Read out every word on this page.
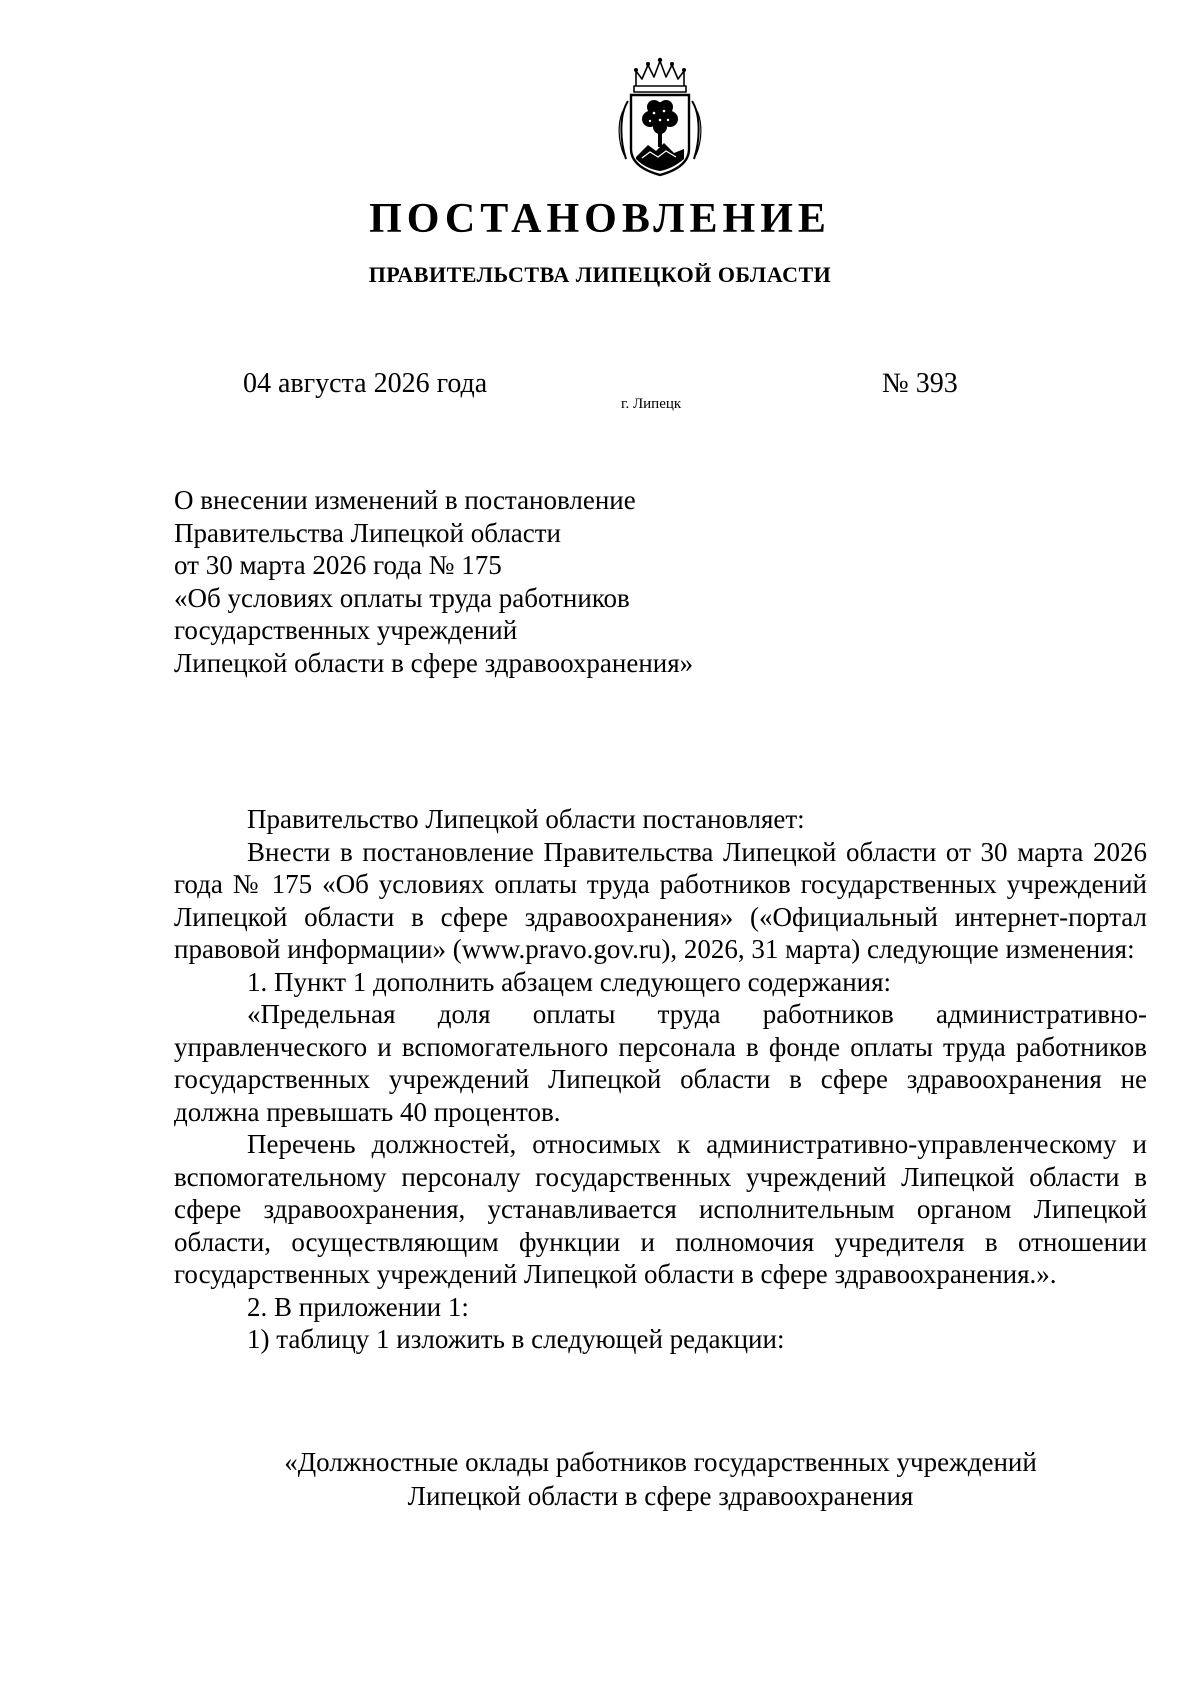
ПОСТАНОВЛЕНИЕ
ПРАВИТЕЛЬСТВА ЛИПЕЦКОЙ ОБЛАСТИ
04 августа 2026 года
г. Липецк
№ 393
О внесении изменений в постановление
Правительства Липецкой области
от 30 марта 2026 года № 175
«Об условиях оплаты труда работников
государственных учреждений
Липецкой области в сфере здравоохранения»

Правительство Липецкой области постановляет:

Внести в постановление Правительства Липецкой области от 30 марта 2026 года № 175 «Об условиях оплаты труда работников государственных учреждений Липецкой области в сфере здравоохранения» («Официальный интернет-портал правовой информации» (www.pravo.gov.ru), 2026, 31 марта) следующие изменения:

1. Пункт 1 дополнить абзацем следующего содержания:

«Предельная доля оплаты труда работников административно-управленческого и вспомогательного персонала в фонде оплаты труда работников государственных учреждений Липецкой области в сфере здравоохранения не должна превышать 40 процентов.

Перечень должностей, относимых к административно-управленческому и вспомогательному персоналу государственных учреждений Липецкой области в сфере здравоохранения, устанавливается исполнительным органом Липецкой области, осуществляющим функции и полномочия учредителя в отношении государственных учреждений Липецкой области в сфере здравоохранения.».

2. В приложении 1:

1) таблицу 1 изложить в следующей редакции:

«Должностные оклады работников государственных учреждений
Липецкой области в сфере здравоохранения
